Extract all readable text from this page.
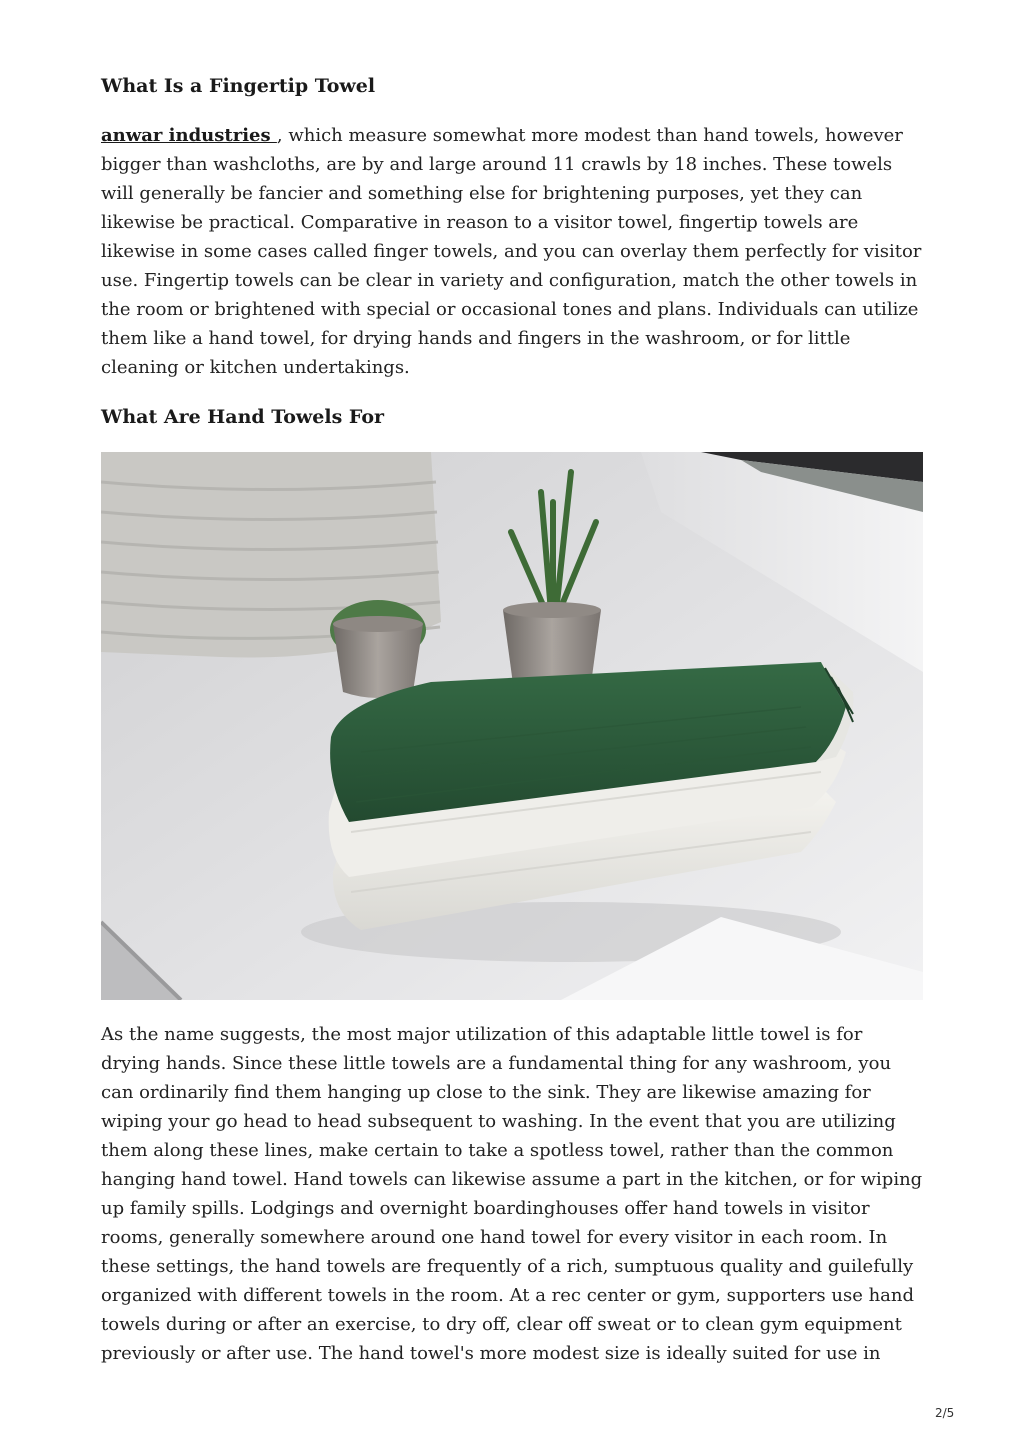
What Is a Fingertip Towel

anwar industries , which measure somewhat more modest than hand towels, however bigger than washcloths, are by and large around 11 crawls by 18 inches. These towels will generally be fancier and something else for brightening purposes, yet they can likewise be practical. Comparative in reason to a visitor towel, fingertip towels are likewise in some cases called finger towels, and you can overlay them perfectly for visitor use. Fingertip towels can be clear in variety and configuration, match the other towels in the room or brightened with special or occasional tones and plans. Individuals can utilize them like a hand towel, for drying hands and fingers in the washroom, or for little cleaning or kitchen undertakings.

What Are Hand Towels For

As the name suggests, the most major utilization of this adaptable little towel is for drying hands. Since these little towels are a fundamental thing for any washroom, you can ordinarily find them hanging up close to the sink. They are likewise amazing for wiping your go head to head subsequent to washing. In the event that you are utilizing them along these lines, make certain to take a spotless towel, rather than the common hanging hand towel. Hand towels can likewise assume a part in the kitchen, or for wiping up family spills. Lodgings and overnight boardinghouses offer hand towels in visitor rooms, generally somewhere around one hand towel for every visitor in each room. In these settings, the hand towels are frequently of a rich, sumptuous quality and guilefully organized with different towels in the room. At a rec center or gym, supporters use hand towels during or after an exercise, to dry off, clear off sweat or to clean gym equipment previously or after use. The hand towel's more modest size is ideally suited for use in

2/5
